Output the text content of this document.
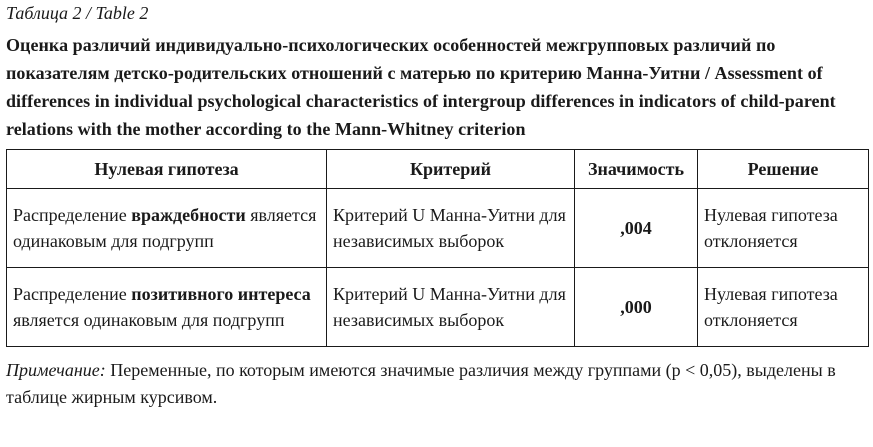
Таблица 2 / Table 2
Оценка различий индивидуально-психологических особенностей межгрупповых различий по показателям детско-родительских отношений с матерью по критерию Манна-Уитни / Assessment of differences in individual psychological characteristics of intergroup differences in indicators of child-parent relations with the mother according to the Mann-Whitney criterion
Нулевая гипотеза	Критерий	Значимость	Решение
Распределение враждебности является одинаковым для подгрупп	Критерий U Манна-Уитни для независимых выборок	,004	Нулевая гипотеза отклоняется
Распределение позитивного интереса является одинаковым для подгрупп	Критерий U Манна-Уитни для независимых выборок	,000	Нулевая гипотеза отклоняется
Примечание: Переменные, по которым имеются значимые различия между группами (p < 0,05), выделены в таблице жирным курсивом.
